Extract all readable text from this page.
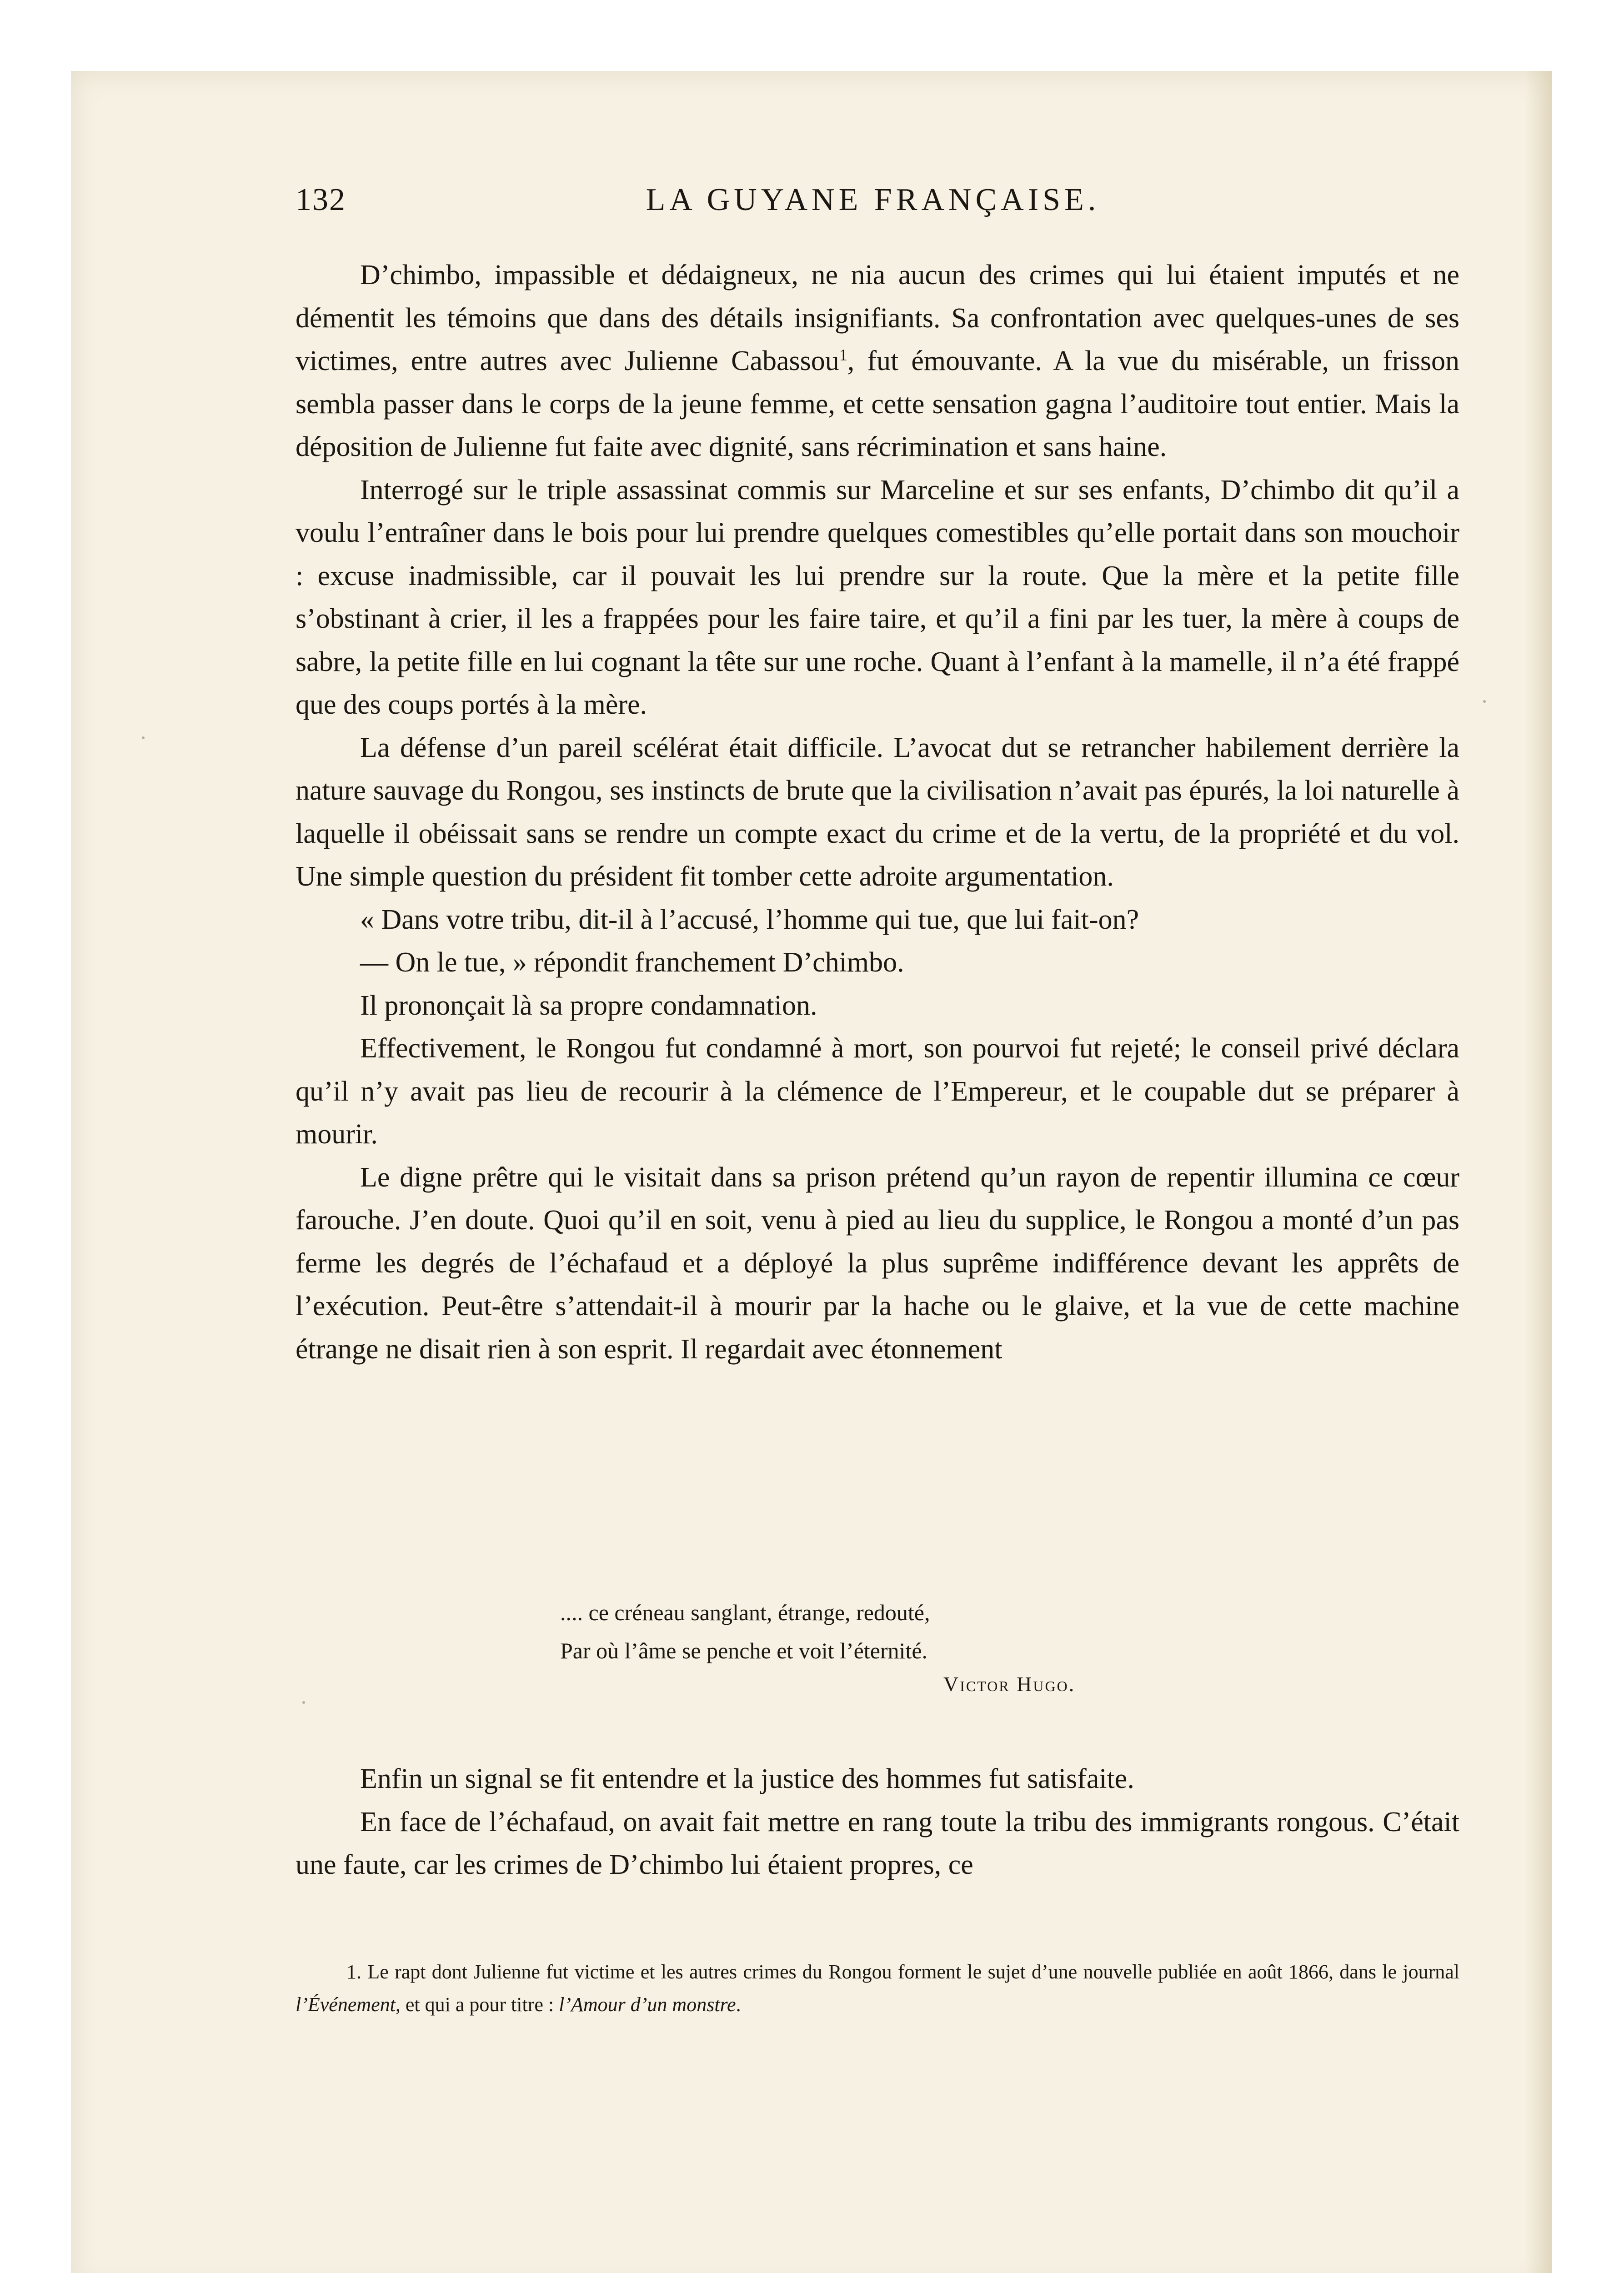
132	LA GUYANE FRANÇAISE.

D’chimbo, impassible et dédaigneux, ne nia aucun des crimes qui lui étaient imputés et ne démentit les témoins que dans des détails insignifiants. Sa confrontation avec quelques-unes de ses victimes, entre autres avec Julienne Cabassou$^1$, fut émouvante. A la vue du misérable, un frisson sembla passer dans le corps de la jeune femme, et cette sensation gagna l’auditoire tout entier. Mais la déposition de Julienne fut faite avec dignité, sans récrimination et sans haine.

Interrogé sur le triple assassinat commis sur Marceline et sur ses enfants, D’chimbo dit qu’il a voulu l’entraîner dans le bois pour lui prendre quelques comestibles qu’elle portait dans son mouchoir : excuse inadmissible, car il pouvait les lui prendre sur la route. Que la mère et la petite fille s’obstinant à crier, il les a frappées pour les faire taire, et qu’il a fini par les tuer, la mère à coups de sabre, la petite fille en lui cognant la tête sur une roche. Quant à l’enfant à la mamelle, il n’a été frappé que des coups portés à la mère.

La défense d’un pareil scélérat était difficile. L’avocat dut se retrancher habilement derrière la nature sauvage du Rongou, ses instincts de brute que la civilisation n’avait pas épurés, la loi naturelle à laquelle il obéissait sans se rendre un compte exact du crime et de la vertu, de la propriété et du vol. Une simple question du président fit tomber cette adroite argumentation.

« Dans votre tribu, dit-il à l’accusé, l’homme qui tue, que lui fait-on?

— On le tue, » répondit franchement D’chimbo.

Il prononçait là sa propre condamnation.

Effectivement, le Rongou fut condamné à mort, son pourvoi fut rejeté; le conseil privé déclara qu’il n’y avait pas lieu de recourir à la clémence de l’Empereur, et le coupable dut se préparer à mourir.

Le digne prêtre qui le visitait dans sa prison prétend qu’un rayon de repentir illumina ce cœur farouche. J’en doute. Quoi qu’il en soit, venu à pied au lieu du supplice, le Rongou a monté d’un pas ferme les degrés de l’échafaud et a déployé la plus suprême indifférence devant les apprêts de l’exécution. Peut-être s’attendait-il à mourir par la hache ou le glaive, et la vue de cette machine étrange ne disait rien à son esprit. Il regardait avec étonnement

.... ce créneau sanglant, étrange, redouté,
Par où l’âme se penche et voit l’éternité.
Victor Hugo.

Enfin un signal se fit entendre et la justice des hommes fut satisfaite.

En face de l’échafaud, on avait fait mettre en rang toute la tribu des immigrants rongous. C’était une faute, car les crimes de D’chimbo lui étaient propres, ce

1. Le rapt dont Julienne fut victime et les autres crimes du Rongou forment le sujet d’une nouvelle publiée en août 1866, dans le journal l’Événement, et qui a pour titre : l’Amour d’un monstre.
